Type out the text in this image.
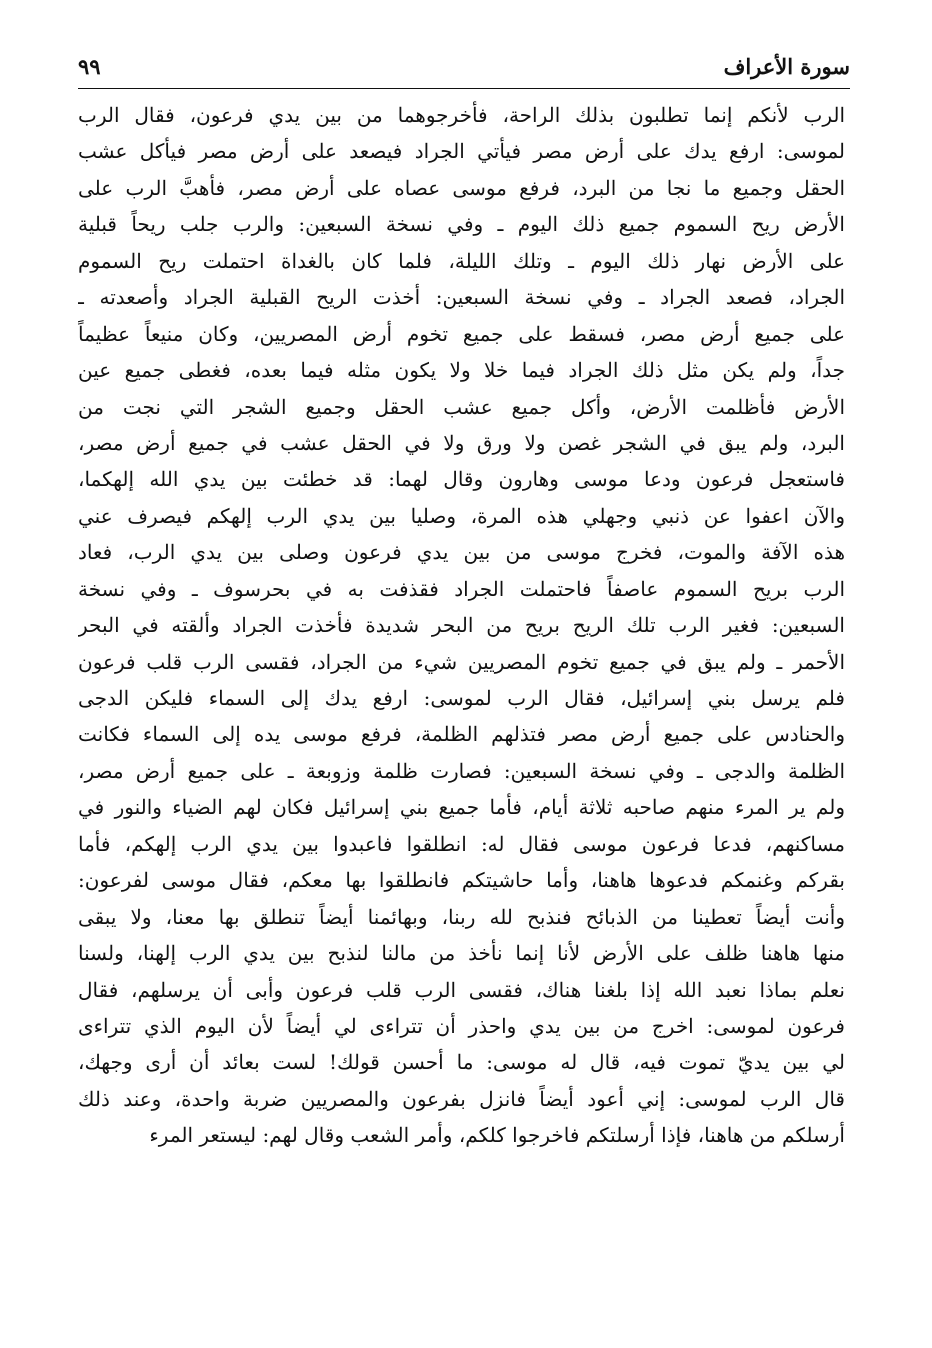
سورة الأعراف
٩٩
الرب لأنكم إنما تطلبون بذلك الراحة، فأخرجوهما من بين يدي فرعون، فقال الرب
لموسى: ارفع يدك على أرض مصر فيأتي الجراد فيصعد على أرض مصر فيأكل عشب
الحقل وجميع ما نجا من البرد، فرفع موسى عصاه على أرض مصر، فأهبَّ الرب على
الأرض ريح السموم جميع ذلك اليوم ـ وفي نسخة السبعين: والرب جلب ريحاً قبلية
على الأرض نهار ذلك اليوم ـ وتلك الليلة، فلما كان بالغداة احتملت ريح السموم
الجراد، فصعد الجراد ـ وفي نسخة السبعين: أخذت الريح القبلية الجراد وأصعدته ـ
على جميع أرض مصر، فسقط على جميع تخوم أرض المصريين، وكان منيعاً عظيماً
جداً، ولم يكن مثل ذلك الجراد فيما خلا ولا يكون مثله فيما بعده، فغطى جميع عين
الأرض فأظلمت الأرض، وأكل جميع عشب الحقل وجميع الشجر التي نجت من
البرد، ولم يبق في الشجر غصن ولا ورق ولا في الحقل عشب في جميع أرض مصر،
فاستعجل فرعون ودعا موسى وهارون وقال لهما: قد خطئت بين يدي الله إلهكما،
والآن اعفوا عن ذنبي وجهلي هذه المرة، وصليا بين يدي الرب إلهكم فيصرف عني
هذه الآفة والموت، فخرج موسى من بين يدي فرعون وصلى بين يدي الرب، فعاد
الرب بريح السموم عاصفاً فاحتملت الجراد فقذفت به في بحرسوف ـ وفي نسخة
السبعين: فغير الرب تلك الريح بريح من البحر شديدة فأخذت الجراد وألقته في البحر
الأحمر ـ ولم يبق في جميع تخوم المصريين شيء من الجراد، فقسى الرب قلب فرعون
فلم يرسل بني إسرائيل، فقال الرب لموسى: ارفع يدك إلى السماء فليكن الدجى
والحنادس على جميع أرض مصر فتذلهم الظلمة، فرفع موسى يده إلى السماء فكانت
الظلمة والدجى ـ وفي نسخة السبعين: فصارت ظلمة وزوبعة ـ على جميع أرض مصر،
ولم ير المرء منهم صاحبه ثلاثة أيام، فأما جميع بني إسرائيل فكان لهم الضياء والنور في
مساكنهم، فدعا فرعون موسى فقال له: انطلقوا فاعبدوا بين يدي الرب إلهكم، فأما
بقركم وغنمكم فدعوها هاهنا، وأما حاشيتكم فانطلقوا بها معكم، فقال موسى لفرعون:
وأنت أيضاً تعطينا من الذبائح فنذبح لله ربنا، وبهائمنا أيضاً تنطلق بها معنا، ولا يبقى
منها هاهنا ظلف على الأرض لأنا إنما نأخذ من مالنا لنذبح بين يدي الرب إلهنا، ولسنا
نعلم بماذا نعبد الله إذا بلغنا هناك، فقسى الرب قلب فرعون وأبى أن يرسلهم، فقال
فرعون لموسى: اخرج من بين يدي واحذر أن تتراءى لي أيضاً لأن اليوم الذي تتراءى
لي بين يديّ تموت فيه، قال له موسى: ما أحسن قولك! لست بعائد أن أرى وجهك،
قال الرب لموسى: إني أعود أيضاً فانزل بفرعون والمصريين ضربة واحدة، وعند ذلك
أرسلكم من هاهنا، فإذا أرسلتكم فاخرجوا كلكم، وأمر الشعب وقال لهم: ليستعر المرء
